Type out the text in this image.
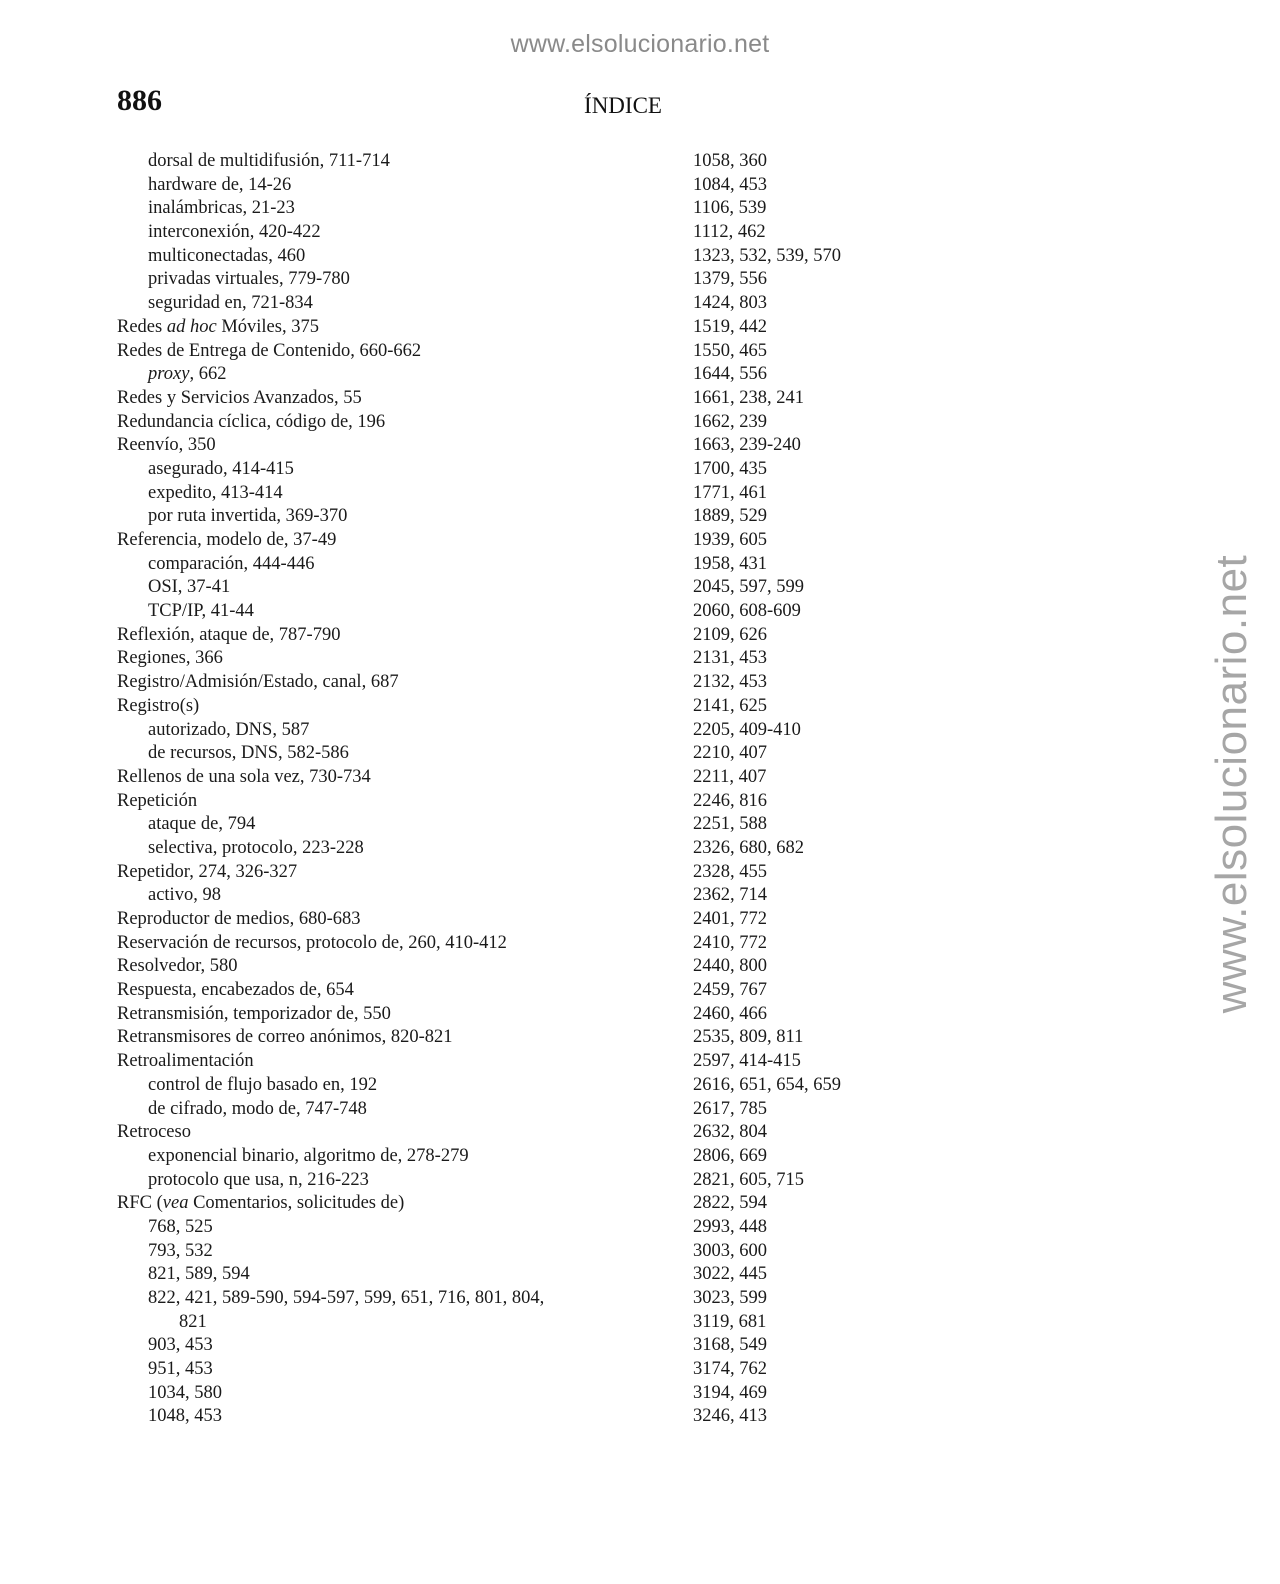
www.elsolucionario.net
www.elsolucionario.net
886	ÍNDICE
dorsal de multidifusión, 711-714
hardware de, 14-26
inalámbricas, 21-23
interconexión, 420-422
multiconectadas, 460
privadas virtuales, 779-780
seguridad en, 721-834
Redes ad hoc Móviles, 375
Redes de Entrega de Contenido, 660-662
proxy, 662
Redes y Servicios Avanzados, 55
Redundancia cíclica, código de, 196
Reenvío, 350
asegurado, 414-415
expedito, 413-414
por ruta invertida, 369-370
Referencia, modelo de, 37-49
comparación, 444-446
OSI, 37-41
TCP/IP, 41-44
Reflexión, ataque de, 787-790
Regiones, 366
Registro/Admisión/Estado, canal, 687
Registro(s)
autorizado, DNS, 587
de recursos, DNS, 582-586
Rellenos de una sola vez, 730-734
Repetición
ataque de, 794
selectiva, protocolo, 223-228
Repetidor, 274, 326-327
activo, 98
Reproductor de medios, 680-683
Reservación de recursos, protocolo de, 260, 410-412
Resolvedor, 580
Respuesta, encabezados de, 654
Retransmisión, temporizador de, 550
Retransmisores de correo anónimos, 820-821
Retroalimentación
control de flujo basado en, 192
de cifrado, modo de, 747-748
Retroceso
exponencial binario, algoritmo de, 278-279
protocolo que usa, n, 216-223
RFC (vea Comentarios, solicitudes de)
768, 525
793, 532
821, 589, 594
822, 421, 589-590, 594-597, 599, 651, 716, 801, 804,
821
903, 453
951, 453
1034, 580
1048, 453
1058, 360
1084, 453
1106, 539
1112, 462
1323, 532, 539, 570
1379, 556
1424, 803
1519, 442
1550, 465
1644, 556
1661, 238, 241
1662, 239
1663, 239-240
1700, 435
1771, 461
1889, 529
1939, 605
1958, 431
2045, 597, 599
2060, 608-609
2109, 626
2131, 453
2132, 453
2141, 625
2205, 409-410
2210, 407
2211, 407
2246, 816
2251, 588
2326, 680, 682
2328, 455
2362, 714
2401, 772
2410, 772
2440, 800
2459, 767
2460, 466
2535, 809, 811
2597, 414-415
2616, 651, 654, 659
2617, 785
2632, 804
2806, 669
2821, 605, 715
2822, 594
2993, 448
3003, 600
3022, 445
3023, 599
3119, 681
3168, 549
3174, 762
3194, 469
3246, 413
